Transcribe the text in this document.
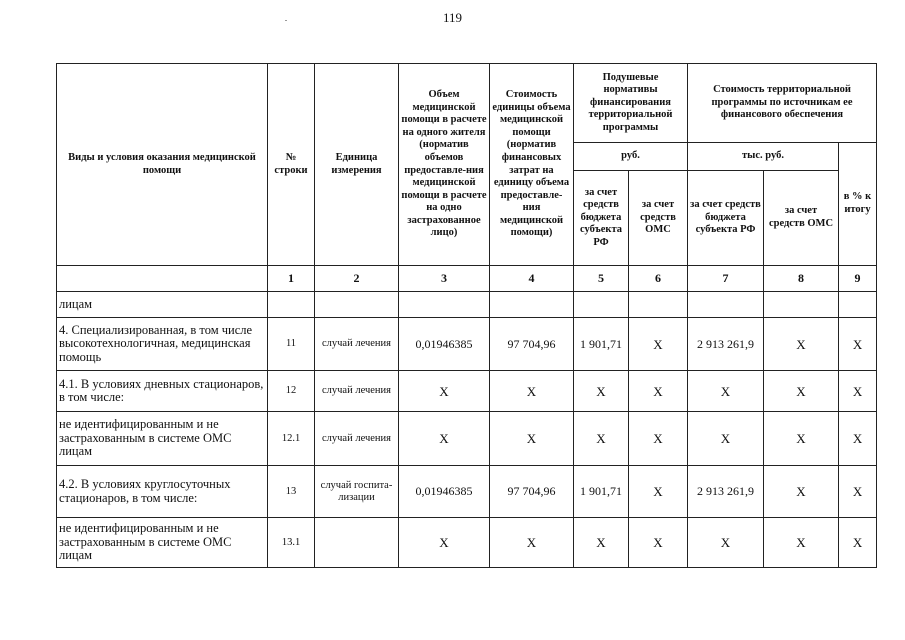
119
Виды и условия оказания медицинской помощи	№ строки	Единица измерения	Объем медицинской помощи в расчете на одного жителя (норматив объемов предоставле-ния медицинской помощи в расчете на одно застрахованное лицо)	Стоимость единицы объема медицинской помощи (норматив финансовых затрат на единицу объема предоставле-ния медицинской помощи)	Подушевые нормативы финансирования территориальной программы		Стоимость территориальной программы по источникам ее финансового обеспечения		
					руб.		тыс. руб.		в % к итогу
					за счет средств бюджета субъекта РФ	за счет средств ОМС	за счет средств бюджета субъекта РФ	за счет средств ОМС	
	1	2	3	4	5	6	7	8	9
лицам									
4. Специализированная, в том числе высокотехнологичная, медицинская помощь	11	случай лечения	0,01946385	97 704,96	1 901,71	X	2 913 261,9	X	X
4.1. В условиях дневных стационаров, в том числе:	12	случай лечения	X	X	X	X	X	X	X
не идентифицированным и не застрахованным в системе ОМС лицам	12.1	случай лечения	X	X	X	X	X	X	X
4.2. В условиях круглосуточных стационаров, в том числе:	13	случай госпита-лизации	0,01946385	97 704,96	1 901,71	X	2 913 261,9	X	X
не идентифицированным и не застрахованным в системе ОМС лицам	13.1		X	X	X	X	X	X	X
